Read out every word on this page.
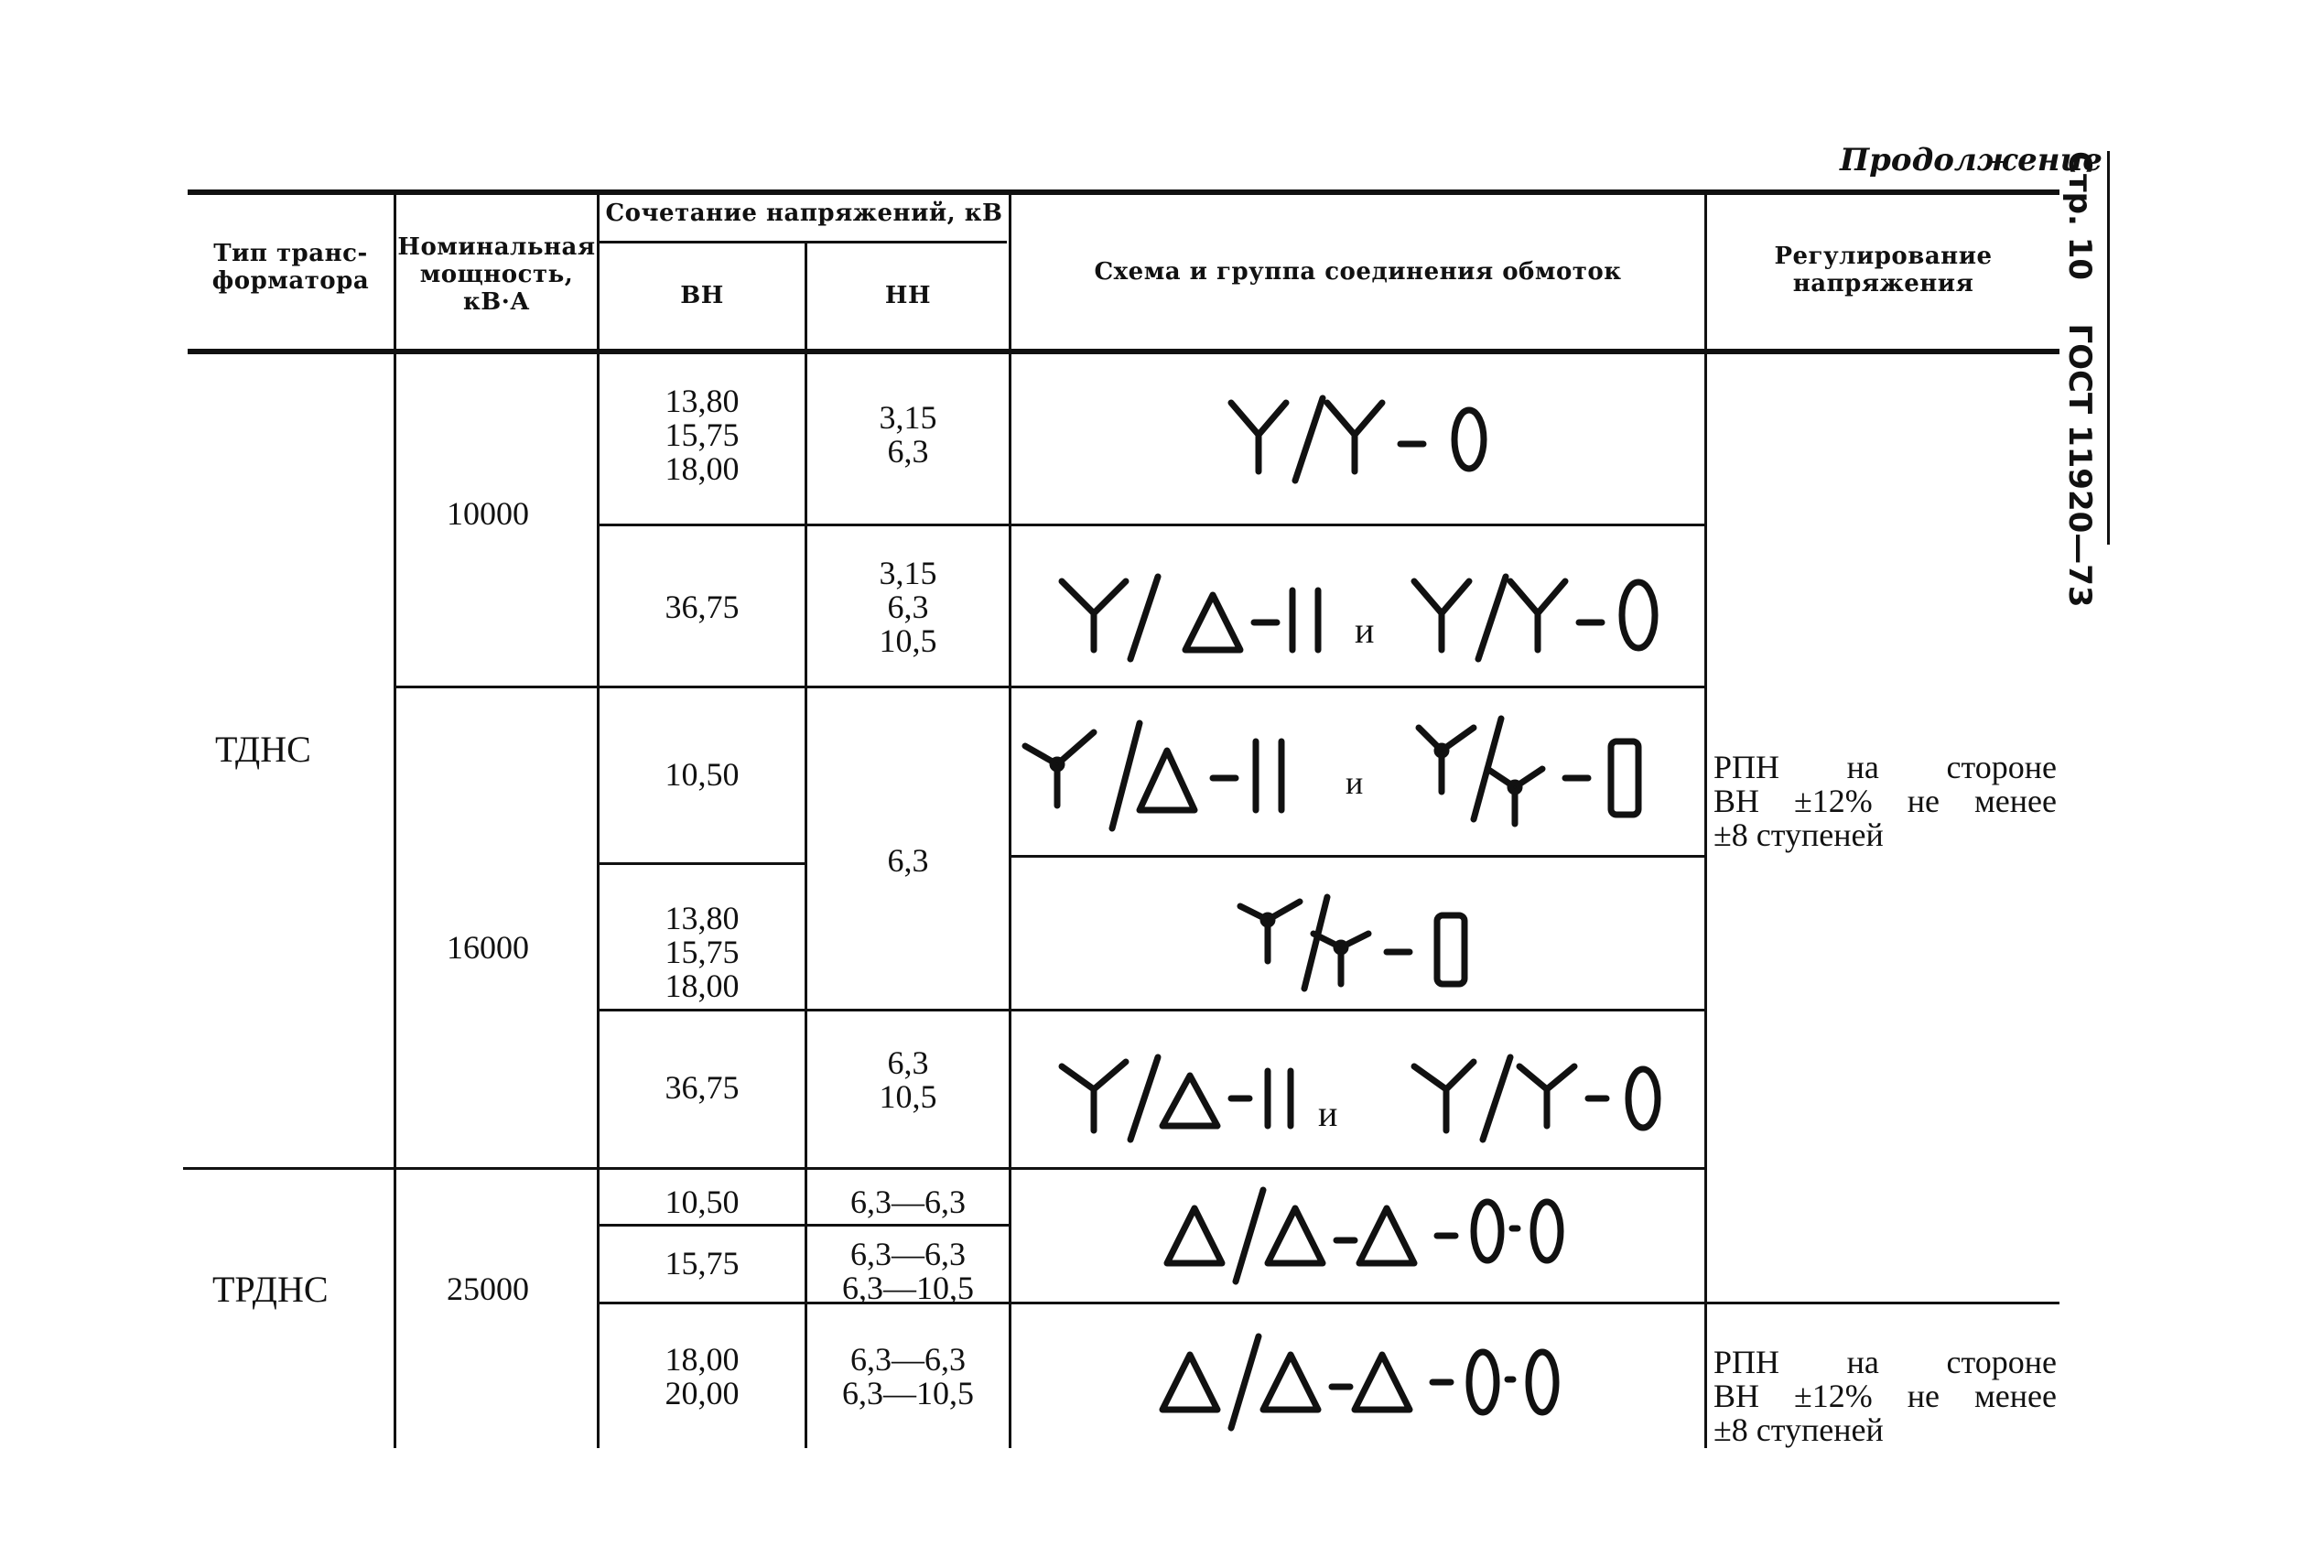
Продолжение
Стр. 10    ГОСТ 11920—73
Тип транс-
форматора
Номинальная
мощность,
кВ·А
Сочетание напряжений, кВ
ВН	НН
Схема и группа соединения обмоток
Регулирование
напряжения
ТДНС
ТРДНС
10000
16000
25000
13,80
15,75
18,00
36,75
10,50
13,80
15,75
18,00
36,75
10,50
15,75
18,00
20,00
3,15
6,3
3,15
6,3
10,5
6,3
6,3
10,5
6,3—6,3
6,3—6,3
6,3—10,5
6,3—6,3
6,3—10,5
и
и
и
РПН на стороне
ВН ±12% не менее
±8 ступеней
РПН на стороне
ВН ±12% не менее
±8 ступеней
